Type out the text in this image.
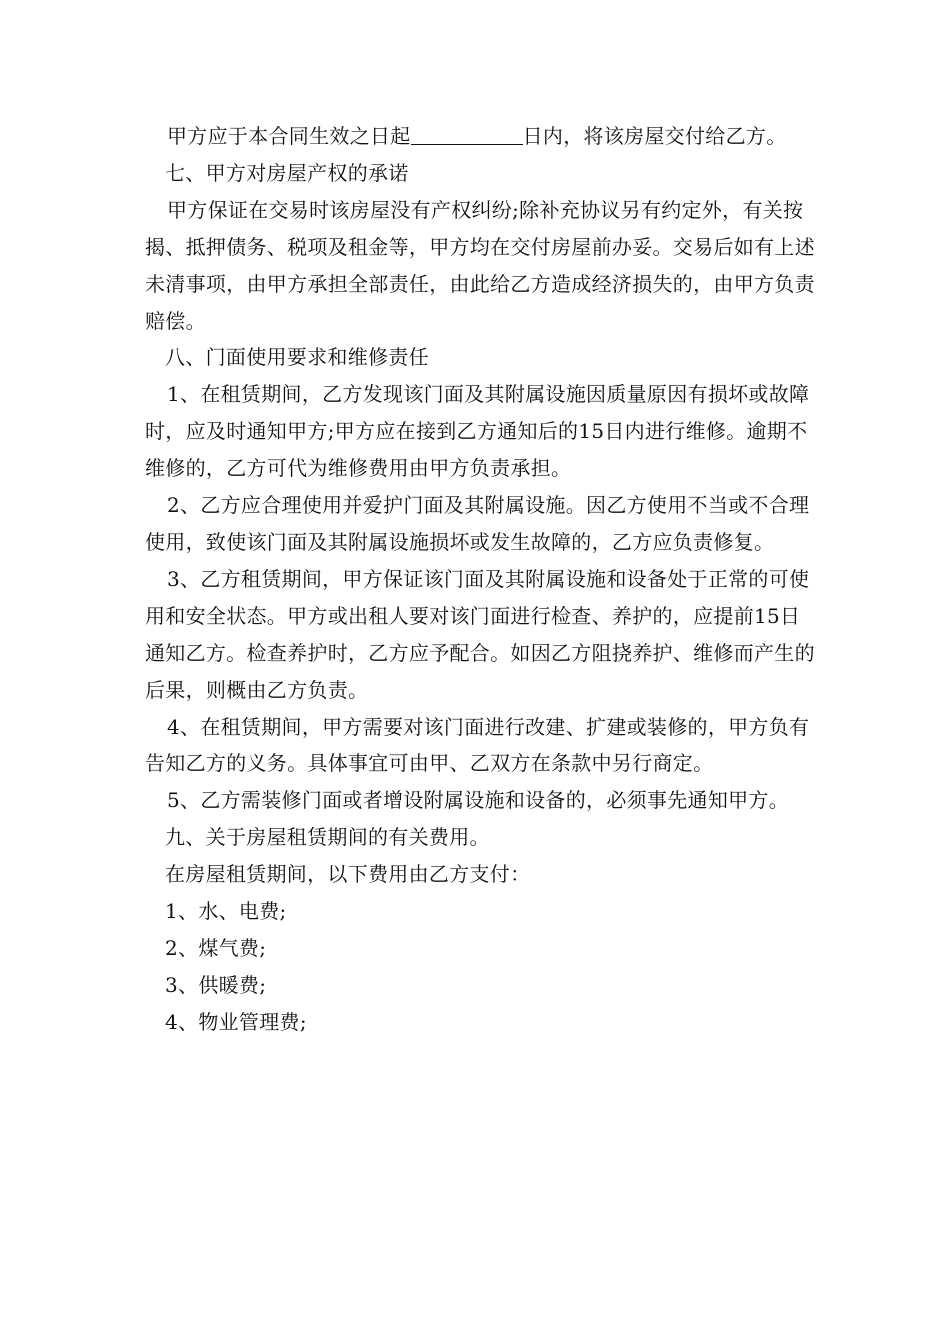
甲方应于本合同生效之日起	日内，将该房屋交付给乙方。

七、甲方对房屋产权的承诺

甲方保证在交易时该房屋没有产权纠纷;除补充协议另有约定外，有关按揭、抵押债务、税项及租金等，甲方均在交付房屋前办妥。交易后如有上述未清事项，由甲方承担全部责任，由此给乙方造成经济损失的，由甲方负责赔偿。

八、门面使用要求和维修责任

1、在租赁期间，乙方发现该门面及其附属设施因质量原因有损坏或故障时，应及时通知甲方;甲方应在接到乙方通知后的15日内进行维修。逾期不维修的，乙方可代为维修费用由甲方负责承担。

2、乙方应合理使用并爱护门面及其附属设施。因乙方使用不当或不合理使用，致使该门面及其附属设施损坏或发生故障的，乙方应负责修复。

3、乙方租赁期间，甲方保证该门面及其附属设施和设备处于正常的可使用和安全状态。甲方或出租人要对该门面进行检查、养护的，应提前15日通知乙方。检查养护时，乙方应予配合。如因乙方阻挠养护、维修而产生的后果，则概由乙方负责。

4、在租赁期间，甲方需要对该门面进行改建、扩建或装修的，甲方负有告知乙方的义务。具体事宜可由甲、乙双方在条款中另行商定。

5、乙方需装修门面或者增设附属设施和设备的，必须事先通知甲方。

九、关于房屋租赁期间的有关费用。

在房屋租赁期间，以下费用由乙方支付：

1、水、电费;

2、煤气费;

3、供暖费;

4、物业管理费;
